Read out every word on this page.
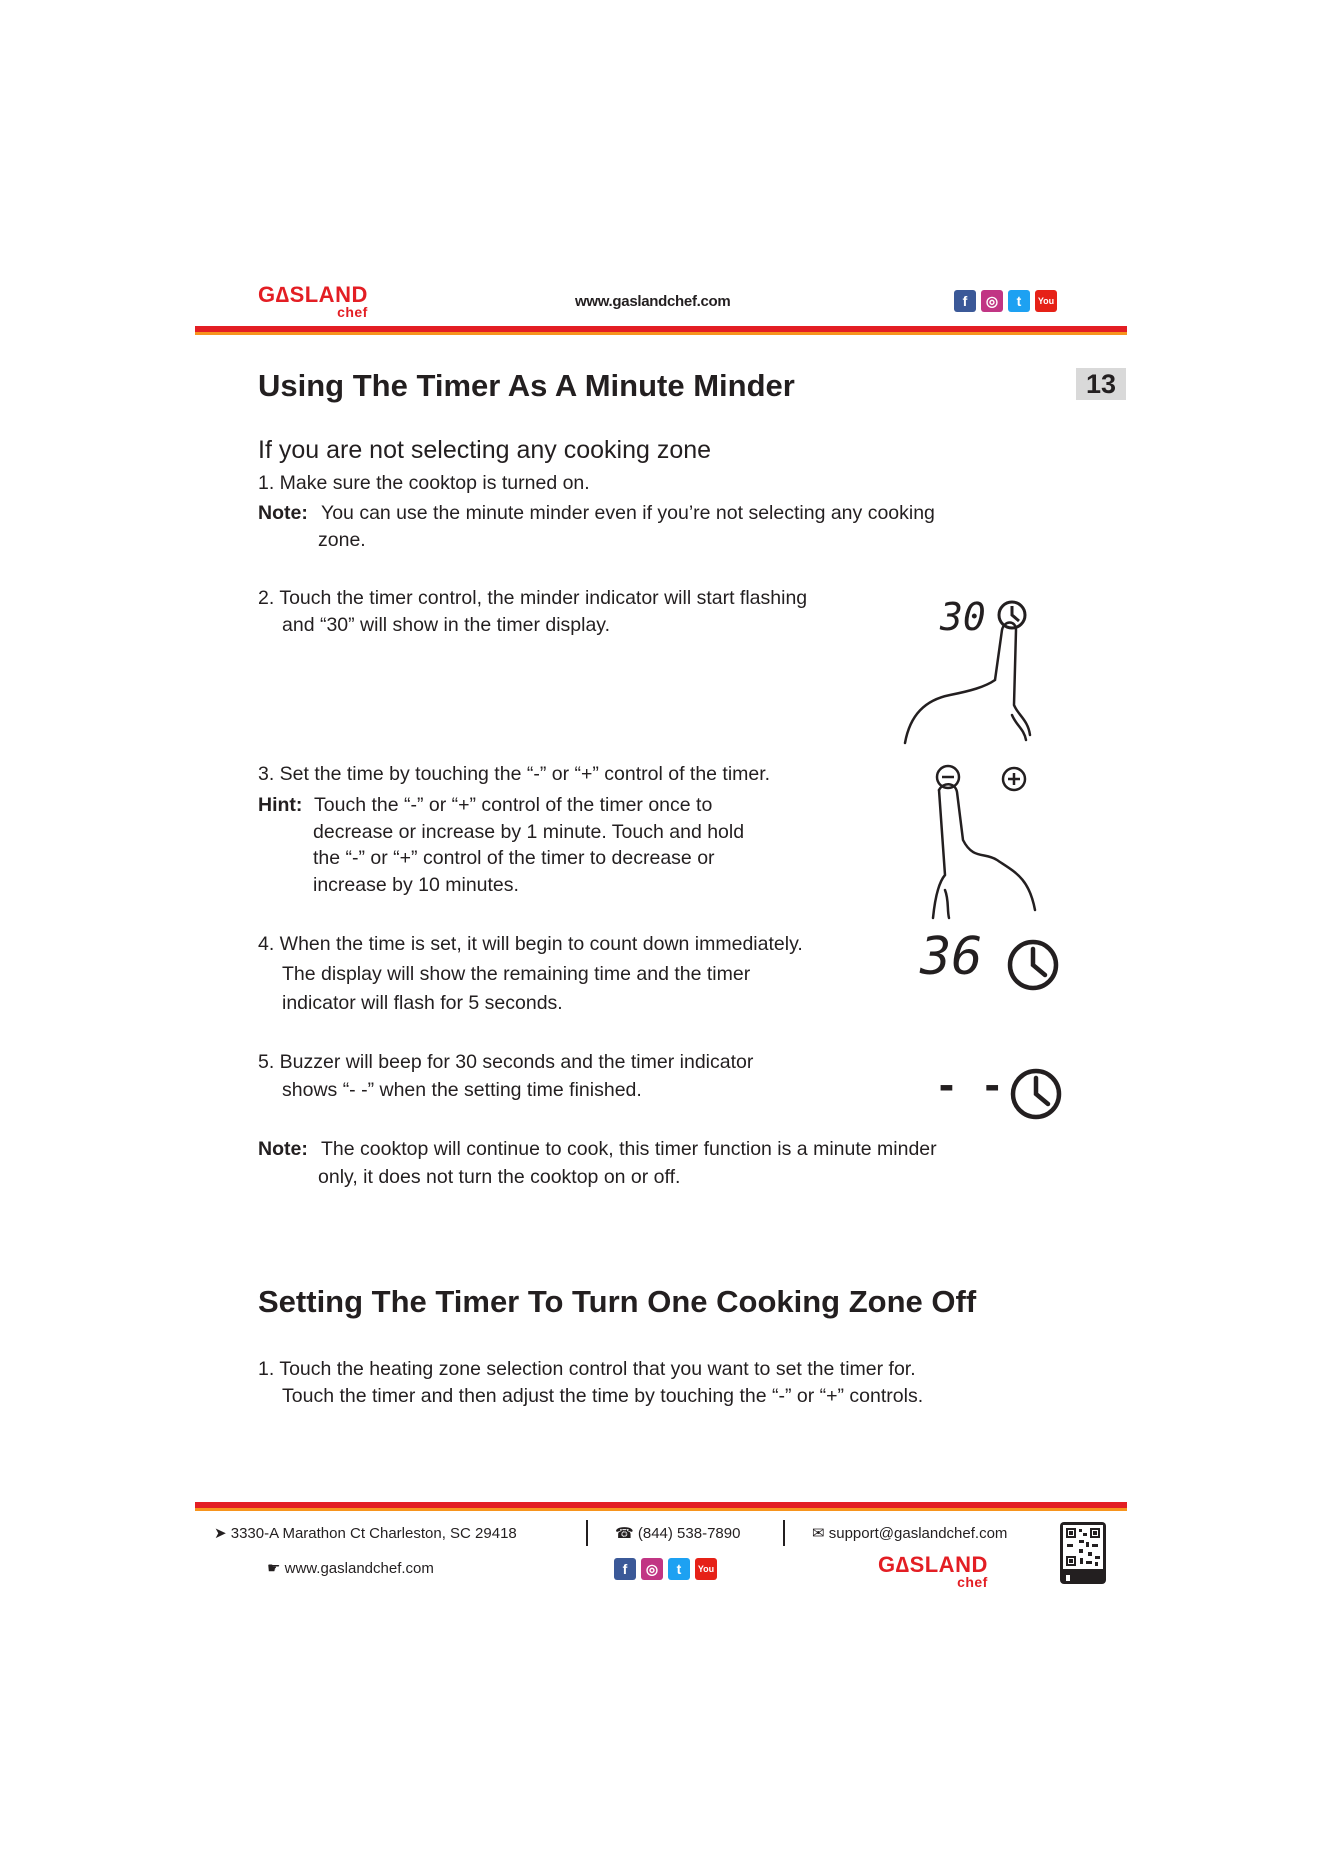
G∆SLAND
chef
www.gaslandchef.com	f	◎	t	You
13
Using The Timer As A Minute Minder
If you are not selecting any cooking zone
1. Make sure the cooktop is turned on.
Note: You can use the minute minder even if you’re not selecting any cooking
zone.
2. Touch the timer control, the minder indicator will start flashing
and “30” will show in the timer display.
3. Set the time by touching the “-” or “+” control of the timer.
Hint: Touch the “-” or “+” control of the timer once to
decrease or increase by 1 minute. Touch and hold
the “-” or “+” control of the timer to decrease or
increase by 10 minutes.
4. When the time is set, it will begin to count down immediately.
The display will show the remaining time and the timer
indicator will flash for 5 seconds.
5. Buzzer will beep for 30 seconds and the timer indicator
shows “- -” when the setting time finished.
Note: The cooktop will continue to cook, this timer function is a minute minder
only, it does not turn the cooktop on or off.
30
36
- -
Setting The Timer To Turn One Cooking Zone Off
1. Touch the heating zone selection control that you want to set the timer for.
Touch the timer and then adjust the time by touching the “-” or “+” controls.
➤ 3330-A Marathon Ct Charleston, SC 29418	☎ (844) 538-7890	✉ support@gaslandchef.com
☛ www.gaslandchef.com	f	◎	t	You	G∆SLAND
chef
